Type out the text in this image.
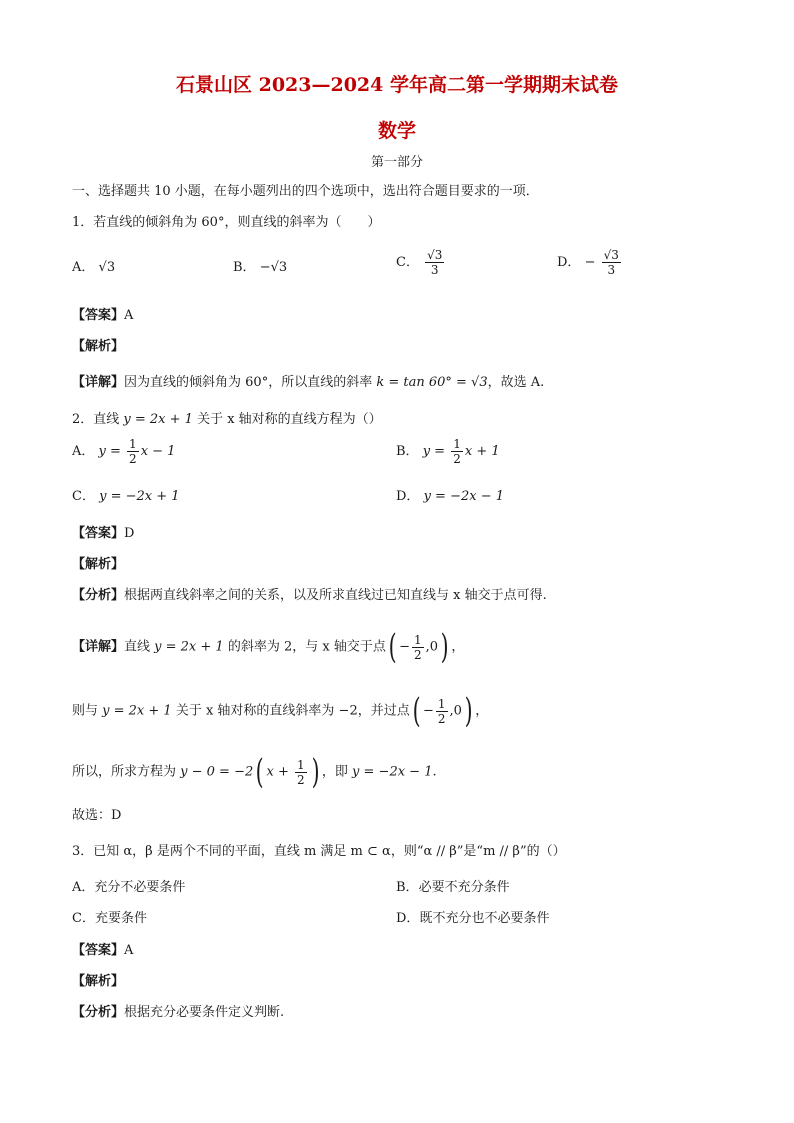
石景山区 2023—2024 学年高二第一学期期末试卷
数学
第一部分
一、选择题共 10 小题，在每小题列出的四个选项中，选出符合题目要求的一项．
1．若直线的倾斜角为 60°，则直线的斜率为（　　）
A． √3	B． −√3	C． $\frac{√3}{3}$	D． − $\frac{√3}{3}$
【答案】A
【解析】
【详解】因为直线的倾斜角为 60°，所以直线的斜率 k = tan 60° = √3，故选 A.
2．直线 y = 2x + 1 关于 x 轴对称的直线方程为（）
A． $y = \frac{1}{2}$ x − 1	B． $y = \frac{1}{2}$ x + 1
C． y = −2x + 1	D． y = −2x − 1
【答案】D
【解析】
【分析】根据两直线斜率之间的关系，以及所求直线过已知直线与 x 轴交于点可得.
【详解】直线 y = 2x + 1 的斜率为 2，与 x 轴交于点( − $\frac{1}{2} ,0$) ，
则与 y = 2x + 1 关于 x 轴对称的直线斜率为 −2，并过点( − $\frac{1}{2} ,0$) ，
所以，所求方程为 y − 0 = −2( $x + \frac{1}{2}$ ) ，即 y = −2x − 1.
故选：D
3．已知 α，β 是两个不同的平面，直线 m 满足 m ⊂ α，则“α // β”是“m // β”的（）
A．充分不必要条件	B．必要不充分条件
C．充要条件	D．既不充分也不必要条件
【答案】A
【解析】
【分析】根据充分必要条件定义判断.
